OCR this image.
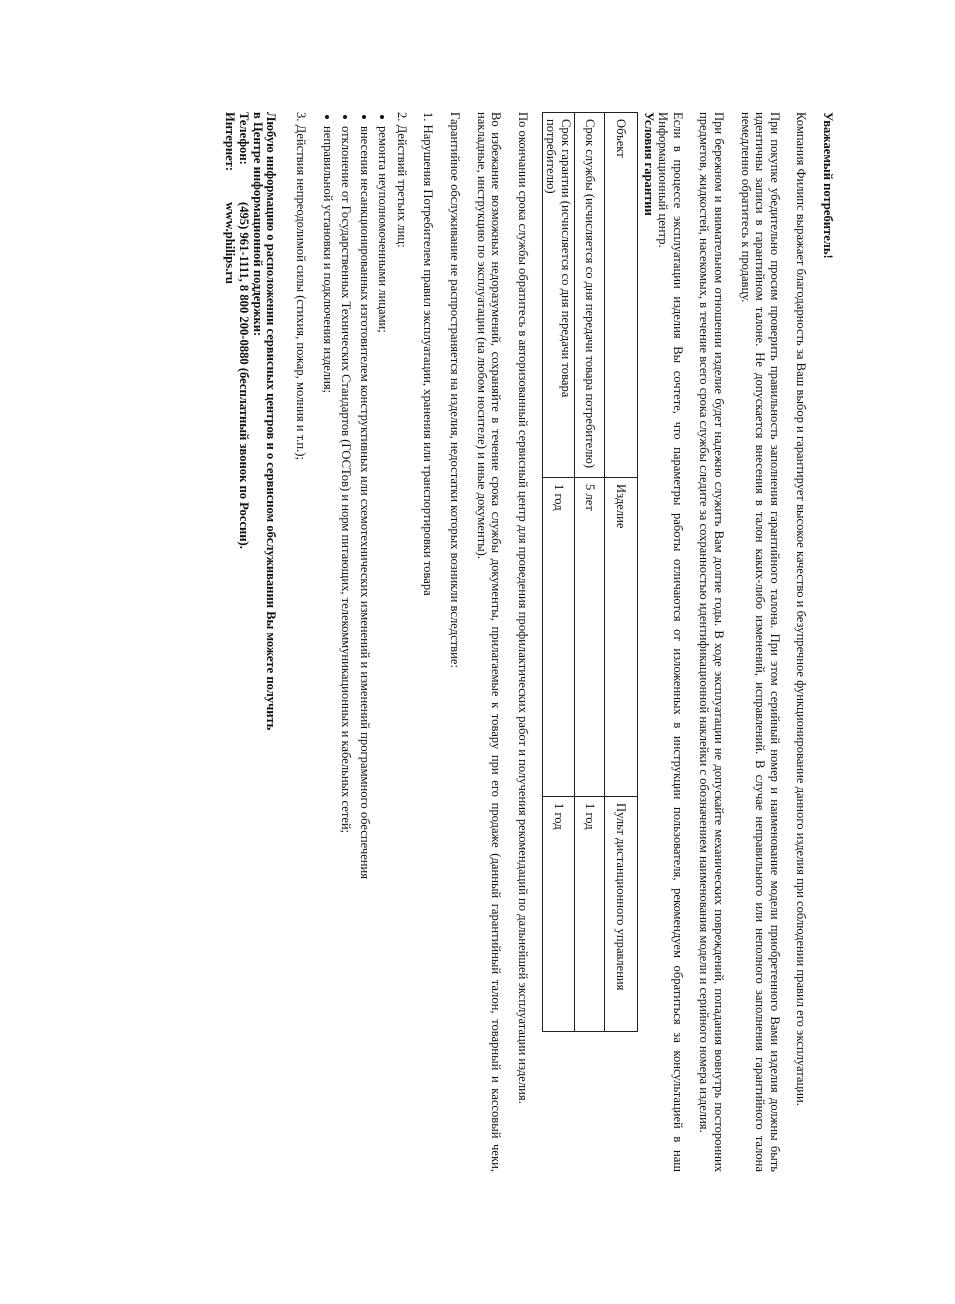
Уважаемый потребитель!

Компания Филипс выражает благодарность за Ваш выбор и гарантирует высокое качество и безупречное функционирование данного изделия при соблюдении правил его эксплуатации.

При покупке убедительно просим проверить правильность заполнения гарантийного талона. При этом серийный номер и наименование модели приобретенного Вами изделия должны быть идентичны записи в гарантийном талоне. Не допускается внесения в талон каких-либо изменений, исправлений. В случае неправильного или неполного заполнения гарантийного талона немедленно обратитесь к продавцу.

При бережном и внимательном отношении изделие будет надежно служить Вам долгие годы. В ходе эксплуатации не допускайте механических повреждений, попадания вовнутрь посторонних предметов, жидкостей, насекомых, в течение всего срока службы следите за сохранностью идентификационной наклейки с обозначением наименования модели и серийного номера изделия.

Если в процессе эксплуатации изделия Вы сочтете, что параметры работы отличаются от изложенных в инструкции пользователя, рекомендуем обратиться за консультацией в наш Информационный центр.

Условия гарантии

Объект	Изделие	Пульт дистанционного управления
Срок службы (исчисляется со дня передачи товара потребителю)	5 лет	1 год
Срок гарантии (исчисляется со дня передачи товара потребителю)	1 год	1 год

По окончании срока службы обратитесь в авторизованный сервисный центр для проведения профилактических работ и получения рекомендаций по дальнейшей эксплуатации изделия.

Во избежание возможных недоразумений, сохраняйте в течение срока службы документы, прилагаемые к товару при его продаже (данный гарантийный талон, товарный и кассовый чеки, накладные, инструкцию по эксплуатации (на любом носителе) и иные документы).

Гарантийное обслуживание не распространяется на изделия, недостатки которых возникли вследствие:

1. Нарушения Потребителем правил эксплуатации, хранения или транспортировки товара

2. Действий третьих лиц:

ремонта неуполномоченными лицами;

внесения несанкционированных изготовителем конструктивных или схемотехнических изменений и изменений программного обеспечения

отклонение от Государственных Технических Стандартов (ГОСТов) и норм питающих, телекоммуникационных и кабельных сетей;

неправильной установки и подключения изделия;

3. Действия непреодолимой силы (стихия, пожар, молния и т.п.);

Любую информацию о расположении сервисных центров и о сервисном обслуживании Вы можете получить

в Центре информационной поддержки:

Телефон:(495) 961-1111, 8 800 200-0880 (бесплатный звонок по России).

Интернет:www.philips.ru
